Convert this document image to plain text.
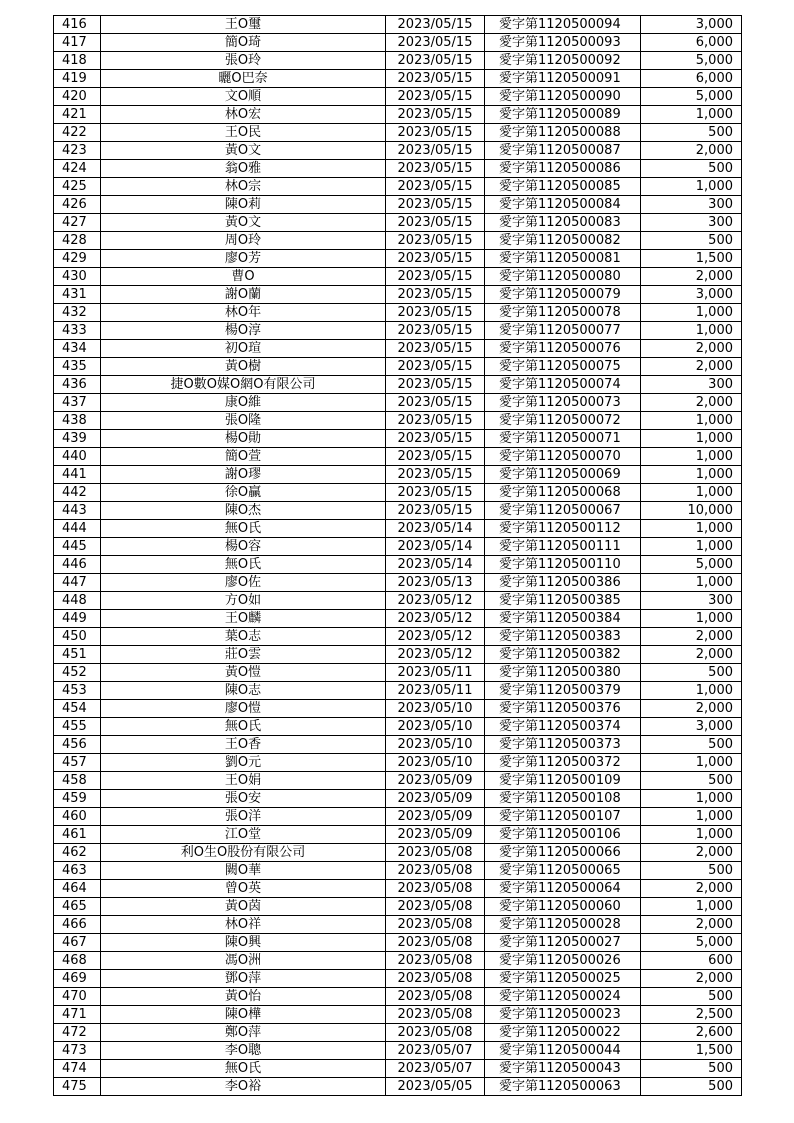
416	王O璽	2023/05/15	愛字第1120500094	3,000
417	簡O琦	2023/05/15	愛字第1120500093	6,000
418	張O玲	2023/05/15	愛字第1120500092	5,000
419	曬O巴奈	2023/05/15	愛字第1120500091	6,000
420	文O順	2023/05/15	愛字第1120500090	5,000
421	林O宏	2023/05/15	愛字第1120500089	1,000
422	王O民	2023/05/15	愛字第1120500088	500
423	黃O文	2023/05/15	愛字第1120500087	2,000
424	翁O雅	2023/05/15	愛字第1120500086	500
425	林O宗	2023/05/15	愛字第1120500085	1,000
426	陳O莉	2023/05/15	愛字第1120500084	300
427	黃O文	2023/05/15	愛字第1120500083	300
428	周O玲	2023/05/15	愛字第1120500082	500
429	廖O芳	2023/05/15	愛字第1120500081	1,500
430	曹O	2023/05/15	愛字第1120500080	2,000
431	謝O蘭	2023/05/15	愛字第1120500079	3,000
432	林O年	2023/05/15	愛字第1120500078	1,000
433	楊O淳	2023/05/15	愛字第1120500077	1,000
434	初O瑄	2023/05/15	愛字第1120500076	2,000
435	黃O樹	2023/05/15	愛字第1120500075	2,000
436	捷O數O媒O網O有限公司	2023/05/15	愛字第1120500074	300
437	康O維	2023/05/15	愛字第1120500073	2,000
438	張O隆	2023/05/15	愛字第1120500072	1,000
439	楊O勛	2023/05/15	愛字第1120500071	1,000
440	簡O萱	2023/05/15	愛字第1120500070	1,000
441	謝O璆	2023/05/15	愛字第1120500069	1,000
442	徐O贏	2023/05/15	愛字第1120500068	1,000
443	陳O杰	2023/05/15	愛字第1120500067	10,000
444	無O氏	2023/05/14	愛字第1120500112	1,000
445	楊O容	2023/05/14	愛字第1120500111	1,000
446	無O氏	2023/05/14	愛字第1120500110	5,000
447	廖O佐	2023/05/13	愛字第1120500386	1,000
448	方O如	2023/05/12	愛字第1120500385	300
449	王O麟	2023/05/12	愛字第1120500384	1,000
450	葉O志	2023/05/12	愛字第1120500383	2,000
451	莊O雲	2023/05/12	愛字第1120500382	2,000
452	黃O愷	2023/05/11	愛字第1120500380	500
453	陳O志	2023/05/11	愛字第1120500379	1,000
454	廖O愷	2023/05/10	愛字第1120500376	2,000
455	無O氏	2023/05/10	愛字第1120500374	3,000
456	王O香	2023/05/10	愛字第1120500373	500
457	劉O元	2023/05/10	愛字第1120500372	1,000
458	王O娟	2023/05/09	愛字第1120500109	500
459	張O安	2023/05/09	愛字第1120500108	1,000
460	張O洋	2023/05/09	愛字第1120500107	1,000
461	江O堂	2023/05/09	愛字第1120500106	1,000
462	利O生O股份有限公司	2023/05/08	愛字第1120500066	2,000
463	闕O華	2023/05/08	愛字第1120500065	500
464	曾O英	2023/05/08	愛字第1120500064	2,000
465	黃O茵	2023/05/08	愛字第1120500060	1,000
466	林O祥	2023/05/08	愛字第1120500028	2,000
467	陳O興	2023/05/08	愛字第1120500027	5,000
468	馮O洲	2023/05/08	愛字第1120500026	600
469	鄧O萍	2023/05/08	愛字第1120500025	2,000
470	黃O怡	2023/05/08	愛字第1120500024	500
471	陳O樺	2023/05/08	愛字第1120500023	2,500
472	鄭O萍	2023/05/08	愛字第1120500022	2,600
473	李O聰	2023/05/07	愛字第1120500044	1,500
474	無O氏	2023/05/07	愛字第1120500043	500
475	李O裕	2023/05/05	愛字第1120500063	500
